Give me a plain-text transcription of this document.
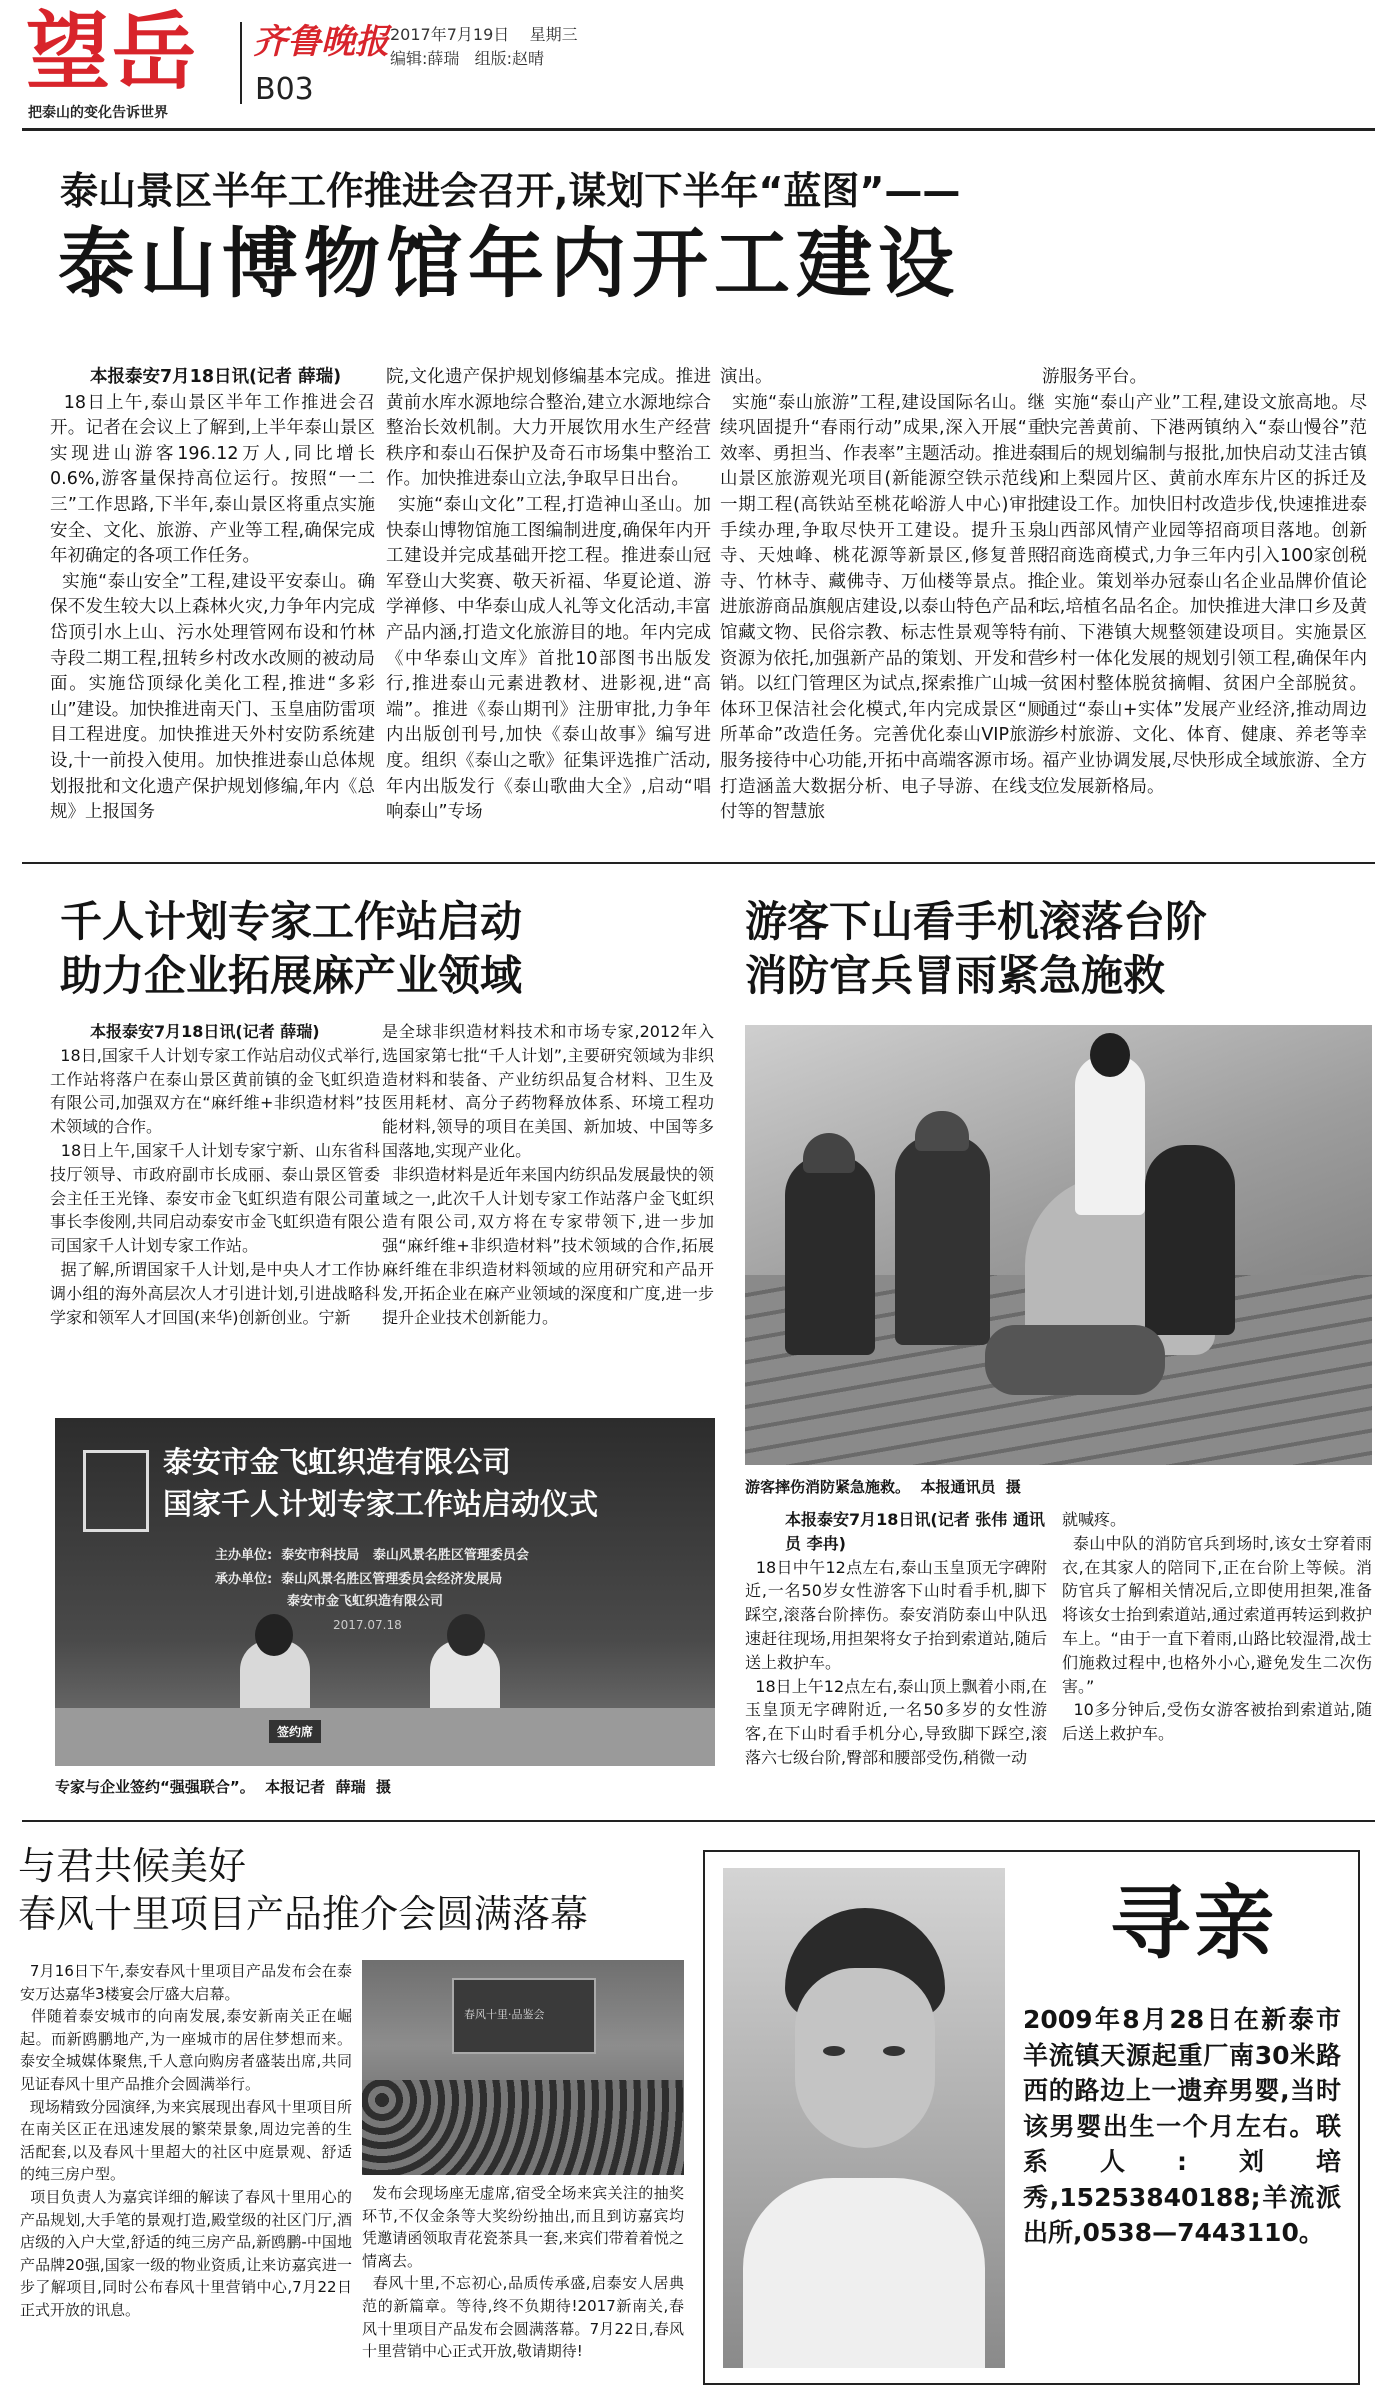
望岳
把泰山的变化告诉世界
齐鲁晚报 2017年7月19日 星期三
编辑:薛瑞   组版:赵晴
B03
泰山景区半年工作推进会召开,谋划下半年“蓝图”——
泰山博物馆年内开工建设
本报泰安7月18日讯(记者 薛瑞)

18日上午,泰山景区半年工作推进会召开。记者在会议上了解到,上半年泰山景区实现进山游客196.12万人,同比增长0.6%,游客量保持高位运行。按照“一二三”工作思路,下半年,泰山景区将重点实施安全、文化、旅游、产业等工程,确保完成年初确定的各项工作任务。
实施“泰山安全”工程,建设平安泰山。确保不发生较大以上森林火灾,力争年内完成岱顶引水上山、污水处理管网布设和竹林寺段二期工程,扭转乡村改水改厕的被动局面。实施岱顶绿化美化工程,推进“多彩山”建设。加快推进南天门、玉皇庙防雷项目工程进度。加快推进天外村安防系统建设,十一前投入使用。加快推进泰山总体规划报批和文化遗产保护规划修编,年内《总规》上报国务

院,文化遗产保护规划修编基本完成。推进黄前水库水源地综合整治,建立水源地综合整治长效机制。大力开展饮用水生产经营秩序和泰山石保护及奇石市场集中整治工作。加快推进泰山立法,争取早日出台。
实施“泰山文化”工程,打造神山圣山。加快泰山博物馆施工图编制进度,确保年内开工建设并完成基础开挖工程。推进泰山冠军登山大奖赛、敬天祈福、华夏论道、游学禅修、中华泰山成人礼等文化活动,丰富产品内涵,打造文化旅游目的地。年内完成《中华泰山文库》首批10部图书出版发行,推进泰山元素进教材、进影视,进“高端”。推进《泰山期刊》注册审批,力争年内出版创刊号,加快《泰山故事》编写进度。组织《泰山之歌》征集评选推广活动,年内出版发行《泰山歌曲大全》,启动“唱响泰山”专场

演出。
实施“泰山旅游”工程,建设国际名山。继续巩固提升“春雨行动”成果,深入开展“重效率、勇担当、作表率”主题活动。推进泰山景区旅游观光项目(新能源空铁示范线)一期工程(高铁站至桃花峪游人中心)审批手续办理,争取尽快开工建设。提升玉泉寺、天烛峰、桃花源等新景区,修复普照寺、竹林寺、藏佛寺、万仙楼等景点。推进旅游商品旗舰店建设,以泰山特色产品和馆藏文物、民俗宗教、标志性景观等特有资源为依托,加强新产品的策划、开发和营销。以红门管理区为试点,探索推广山城一体环卫保洁社会化模式,年内完成景区“厕所革命”改造任务。完善优化泰山VIP旅游服务接待中心功能,开拓中高端客源市场。打造涵盖大数据分析、电子导游、在线支付等的智慧旅

游服务平台。
实施“泰山产业”工程,建设文旅高地。尽快完善黄前、下港两镇纳入“泰山慢谷”范围后的规划编制与报批,加快启动艾洼古镇和上梨园片区、黄前水库东片区的拆迁及建设工作。加快旧村改造步伐,快速推进泰山西部风情产业园等招商项目落地。创新招商选商模式,力争三年内引入100家创税企业。策划举办冠泰山名企业品牌价值论坛,培植名品名企。加快推进大津口乡及黄前、下港镇大规整领建设项目。实施景区乡村一体化发展的规划引领工程,确保年内贫困村整体脱贫摘帽、贫困户全部脱贫。通过“泰山+实体”发展产业经济,推动周边乡村旅游、文化、体育、健康、养老等幸福产业协调发展,尽快形成全域旅游、全方位发展新格局。

千人计划专家工作站启动
助力企业拓展麻产业领域
本报泰安7月18日讯(记者 薛瑞)

18日,国家千人计划专家工作站启动仪式举行,工作站将落户在泰山景区黄前镇的金飞虹织造有限公司,加强双方在“麻纤维+非织造材料”技术领域的合作。
18日上午,国家千人计划专家宁新、山东省科技厅领导、市政府副市长成丽、泰山景区管委会主任王光锋、泰安市金飞虹织造有限公司董事长李俊刚,共同启动泰安市金飞虹织造有限公司国家千人计划专家工作站。
据了解,所谓国家千人计划,是中央人才工作协调小组的海外高层次人才引进计划,引进战略科学家和领军人才回国(来华)创新创业。宁新

是全球非织造材料技术和市场专家,2012年入选国家第七批“千人计划”,主要研究领域为非织造材料和装备、产业纺织品复合材料、卫生及医用耗材、高分子药物释放体系、环境工程功能材料,领导的项目在美国、新加坡、中国等多国落地,实现产业化。
非织造材料是近年来国内纺织品发展最快的领域之一,此次千人计划专家工作站落户金飞虹织造有限公司,双方将在专家带领下,进一步加强“麻纤维+非织造材料”技术领域的合作,拓展麻纤维在非织造材料领域的应用研究和产品开发,开拓企业在麻产业领域的深度和广度,进一步提升企业技术创新能力。

泰安市金飞虹织造有限公司
国家千人计划专家工作站启动仪式
主办单位:  泰安市科技局   泰山风景名胜区管理委员会
承办单位:  泰山风景名胜区管理委员会经济发展局
泰安市金飞虹织造有限公司
2017.07.18
签约席
专家与企业签约“强强联合”。  本报记者  薛瑞  摄
游客下山看手机滚落台阶
消防官兵冒雨紧急施救
游客摔伤消防紧急施救。  本报通讯员  摄
本报泰安7月18日讯(记者 张伟 通讯员 李冉)

18日中午12点左右,泰山玉皇顶无字碑附近,一名50岁女性游客下山时看手机,脚下踩空,滚落台阶摔伤。泰安消防泰山中队迅速赶往现场,用担架将女子抬到索道站,随后送上救护车。
18日上午12点左右,泰山顶上飘着小雨,在玉皇顶无字碑附近,一名50多岁的女性游客,在下山时看手机分心,导致脚下踩空,滚落六七级台阶,臀部和腰部受伤,稍微一动

就喊疼。
泰山中队的消防官兵到场时,该女士穿着雨衣,在其家人的陪同下,正在台阶上等候。消防官兵了解相关情况后,立即使用担架,准备将该女士抬到索道站,通过索道再转运到救护车上。“由于一直下着雨,山路比较湿滑,战士们施救过程中,也格外小心,避免发生二次伤害。”
10多分钟后,受伤女游客被抬到索道站,随后送上救护车。

与君共候美好
春风十里项目产品推介会圆满落幕

7月16日下午,泰安春风十里项目产品发布会在泰安万达嘉华3楼宴会厅盛大启幕。
伴随着泰安城市的向南发展,泰安新南关正在崛起。而新鸥鹏地产,为一座城市的居住梦想而来。泰安全城媒体聚焦,千人意向购房者盛装出席,共同见证春风十里产品推介会圆满举行。
现场精致分园演绎,为来宾展现出春风十里项目所在南关区正在迅速发展的繁荣景象,周边完善的生活配套,以及春风十里超大的社区中庭景观、舒适的纯三房户型。
项目负责人为嘉宾详细的解读了春风十里用心的产品规划,大手笔的景观打造,殿堂级的社区门厅,酒店级的入户大堂,舒适的纯三房产品,新鸥鹏-中国地产品牌20强,国家一级的物业资质,让来访嘉宾进一步了解项目,同时公布春风十里营销中心,7月22日正式开放的讯息。

春风十里·品鉴会

发布会现场座无虚席,宿受全场来宾关注的抽奖环节,不仅金条等大奖纷纷抽出,而且到访嘉宾均凭邀请函领取青花瓷茶具一套,来宾们带着着悦之情离去。
春风十里,不忘初心,品质传承盛,启泰安人居典范的新篇章。等待,终不负期待!2017新南关,春风十里项目产品发布会圆满落幕。7月22日,春风十里营销中心正式开放,敬请期待!

寻亲

2009年8月28日在新泰市羊流镇天源起重厂南30米路西的路边上一遗弃男婴,当时该男婴出生一个月左右。联系人:刘培秀,15253840188;羊流派出所,0538—7443110。
